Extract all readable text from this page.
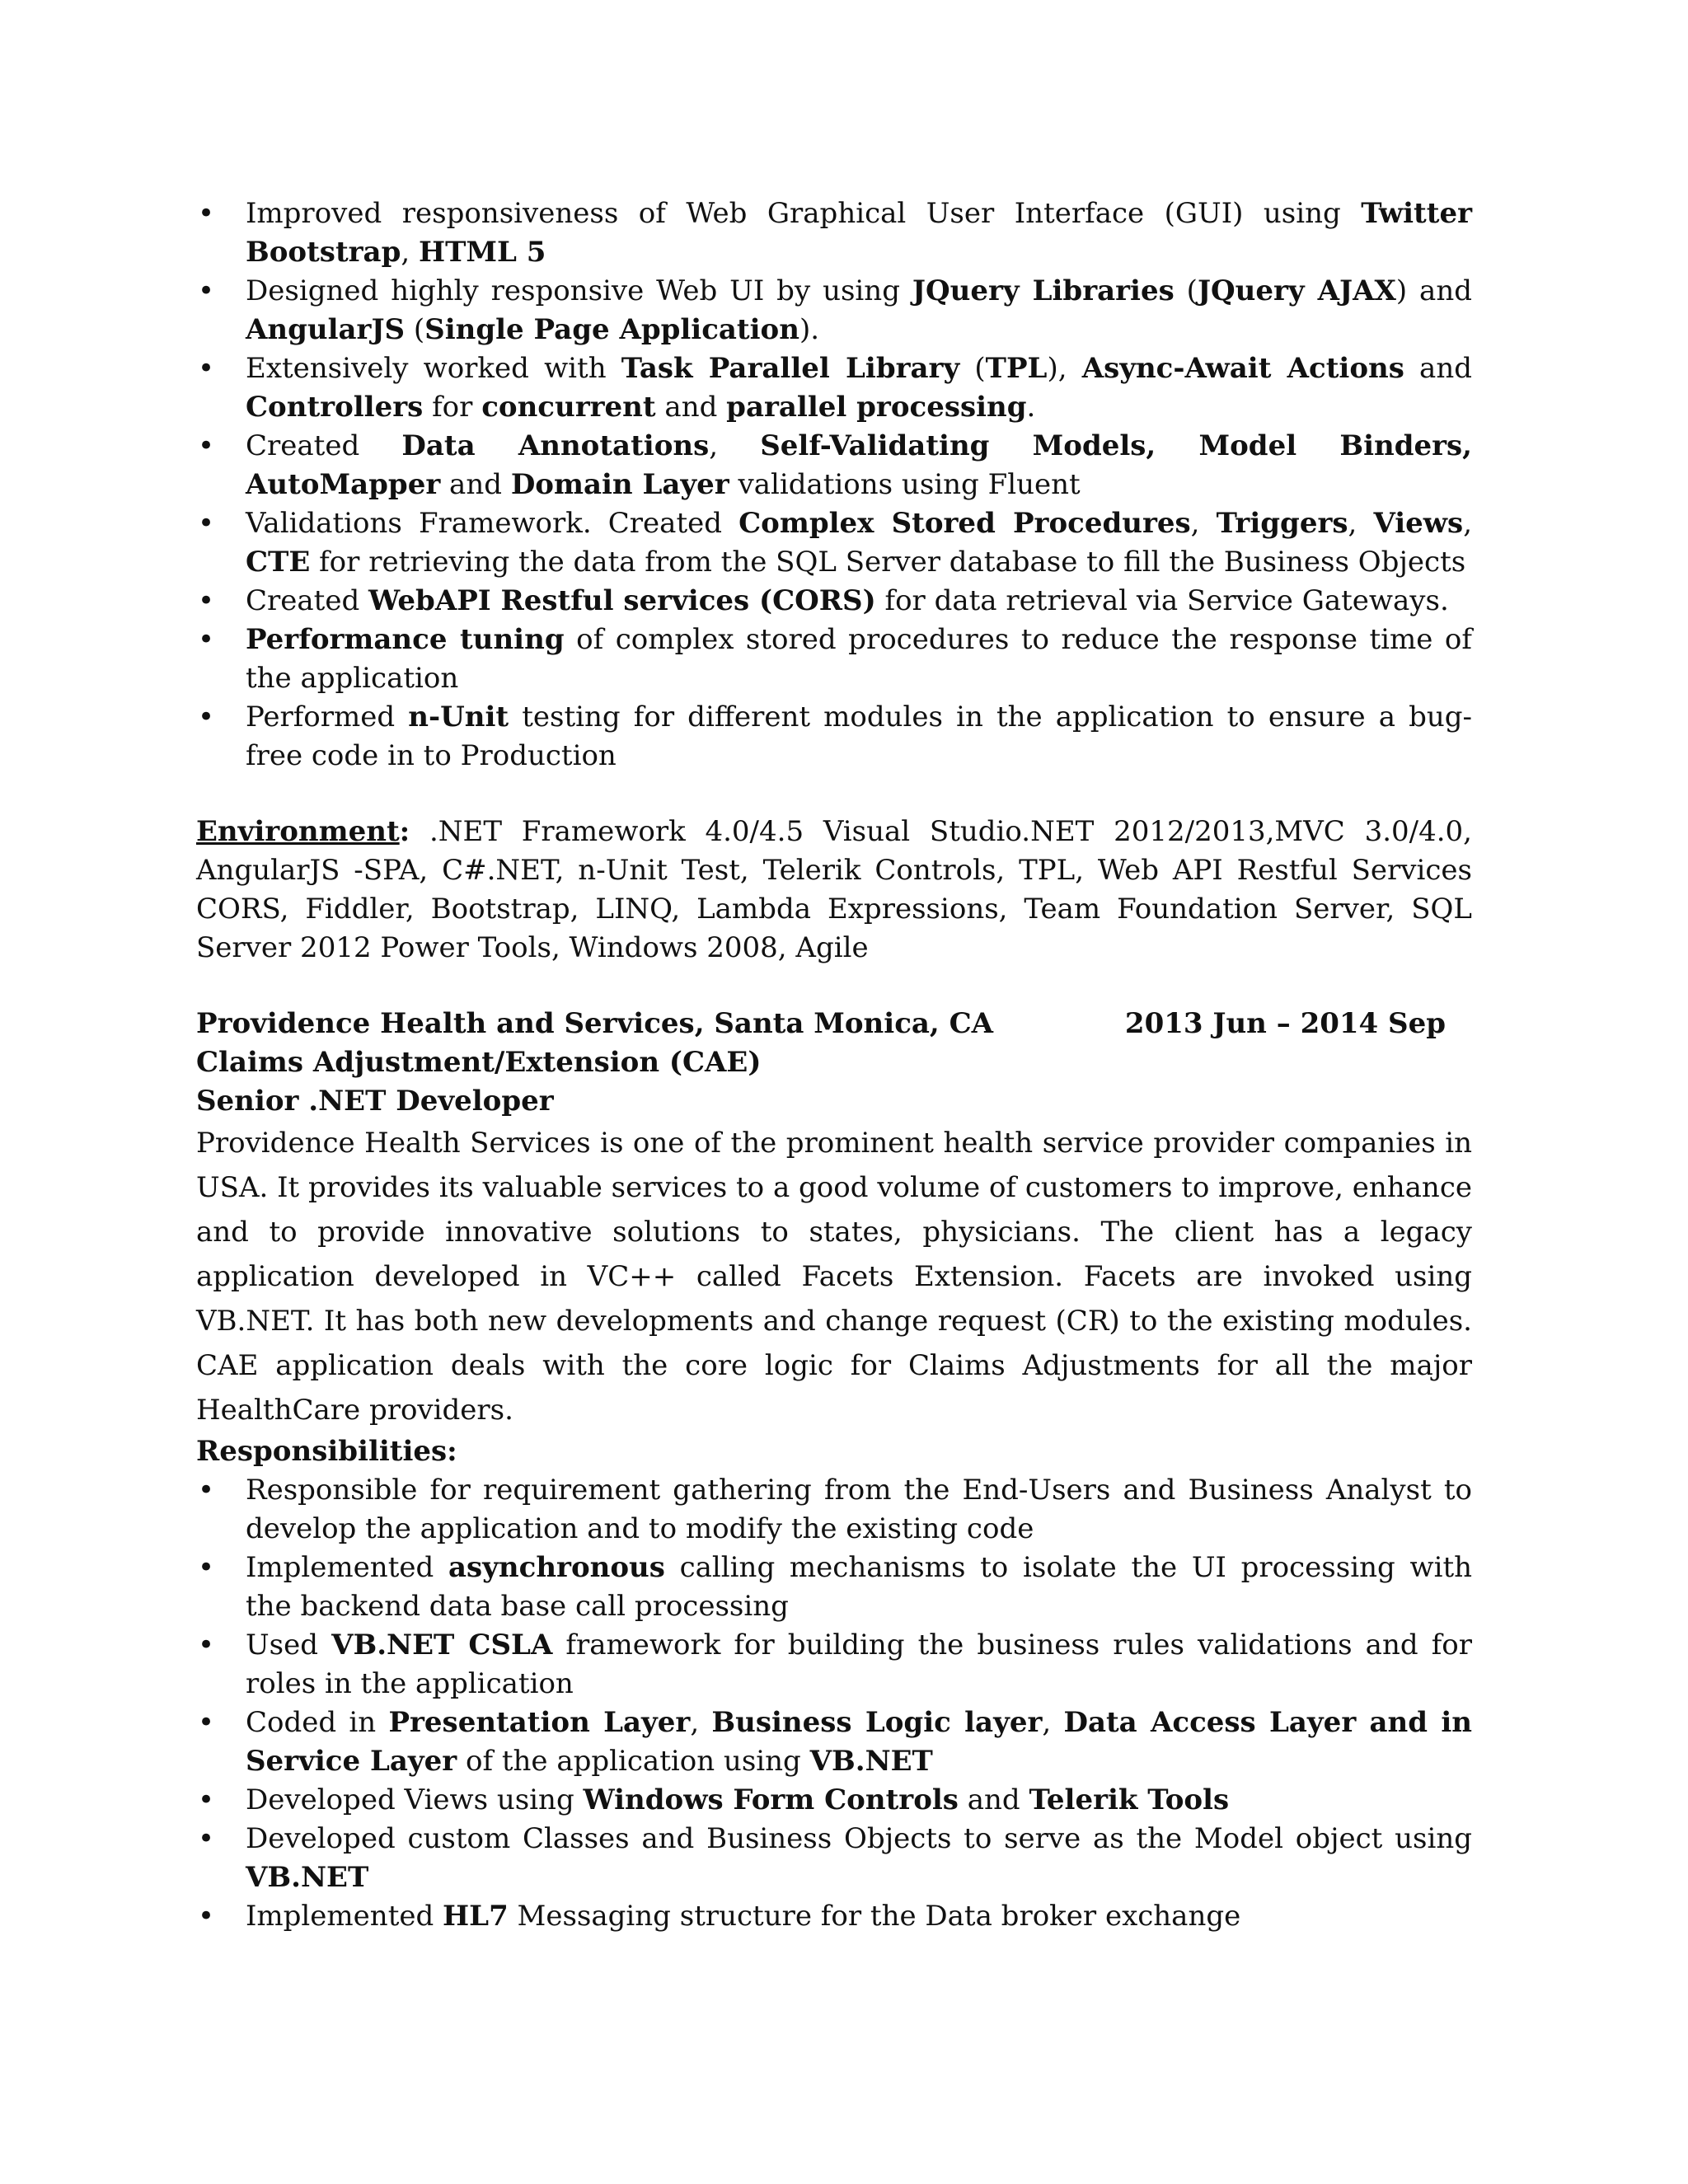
•	Improved responsiveness of Web Graphical User Interface (GUI) using Twitter Bootstrap, HTML 5
•	Designed highly responsive Web UI by using JQuery Libraries (JQuery AJAX) and AngularJS (Single Page Application).
•	Extensively worked with Task Parallel Library (TPL), Async-Await Actions and Controllers for concurrent and parallel processing.
•	Created Data Annotations, Self-Validating Models, Model Binders, AutoMapper and Domain Layer validations using Fluent
•	Validations Framework. Created Complex Stored Procedures, Triggers, Views, CTE for retrieving the data from the SQL Server database to fill the Business Objects
•	Created WebAPI Restful services (CORS) for data retrieval via Service Gateways.
•	Performance tuning of complex stored procedures to reduce the response time of the application
•	Performed n-Unit testing for different modules in the application to ensure a bug-free code in to Production
Environment: .NET Framework 4.0/4.5 Visual Studio.NET 2012/2013,MVC 3.0/4.0, AngularJS -SPA, C#.NET, n-Unit Test, Telerik Controls, TPL, Web API Restful Services CORS, Fiddler, Bootstrap, LINQ, Lambda Expressions, Team Foundation Server, SQL Server 2012 Power Tools, Windows 2008, Agile
Providence Health and Services, Santa Monica, CA	2013 Jun – 2014 Sep
Claims Adjustment/Extension (CAE)
Senior .NET Developer
Providence Health Services is one of the prominent health service provider companies in USA. It provides its valuable services to a good volume of customers to improve, enhance and to provide innovative solutions to states, physicians. The client has a legacy application developed in VC++ called Facets Extension. Facets are invoked using VB.NET. It has both new developments and change request (CR) to the existing modules. CAE application deals with the core logic for Claims Adjustments for all the major HealthCare providers.
Responsibilities:
•	Responsible for requirement gathering from the End-Users and Business Analyst to develop the application and to modify the existing code
•	Implemented asynchronous calling mechanisms to isolate the UI processing with the backend data base call processing
•	Used VB.NET CSLA framework for building the business rules validations and for roles in the application
•	Coded in Presentation Layer, Business Logic layer, Data Access Layer and in Service Layer of the application using VB.NET
•	Developed Views using Windows Form Controls and Telerik Tools
•	Developed custom Classes and Business Objects to serve as the Model object using VB.NET
•	Implemented HL7 Messaging structure for the Data broker exchange
